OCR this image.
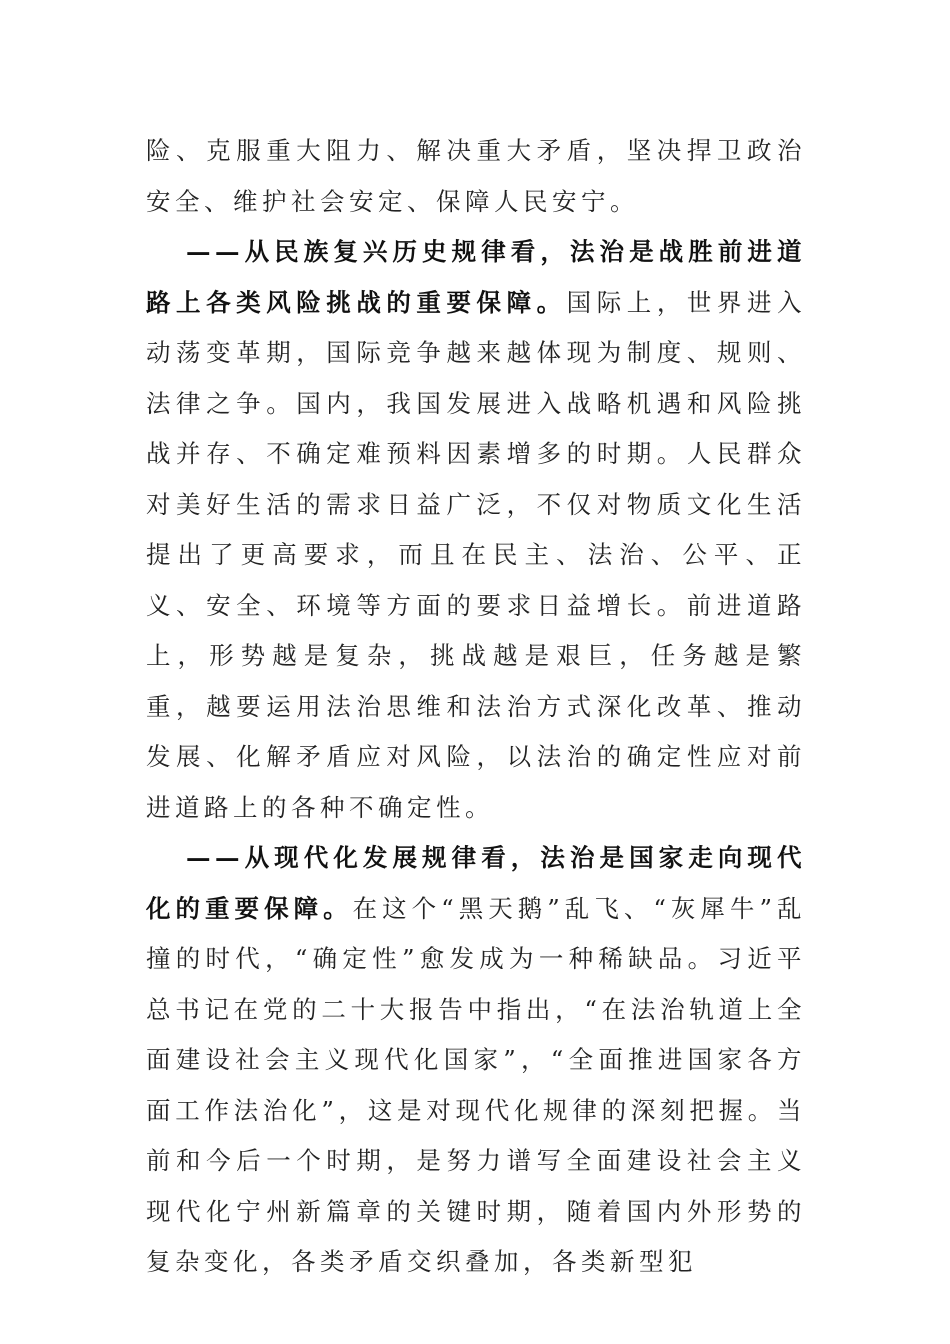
险、克服重大阻力、解决重大矛盾，坚决捍卫政治安全、维护社会安定、保障人民安宁。

——从民族复兴历史规律看，法治是战胜前进道路上各类风险挑战的重要保障。国际上，世界进入动荡变革期，国际竞争越来越体现为制度、规则、法律之争。国内，我国发展进入战略机遇和风险挑战并存、不确定难预料因素增多的时期。人民群众对美好生活的需求日益广泛，不仅对物质文化生活提出了更高要求，而且在民主、法治、公平、正义、安全、环境等方面的要求日益增长。前进道路上，形势越是复杂，挑战越是艰巨，任务越是繁重，越要运用法治思维和法治方式深化改革、推动发展、化解矛盾应对风险，以法治的确定性应对前进道路上的各种不确定性。

——从现代化发展规律看，法治是国家走向现代化的重要保障。在这个“黑天鹅”乱飞、“灰犀牛”乱撞的时代，“确定性”愈发成为一种稀缺品。习近平总书记在党的二十大报告中指出，“在法治轨道上全面建设社会主义现代化国家”，“全面推进国家各方面工作法治化”，这是对现代化规律的深刻把握。当前和今后一个时期，是努力谱写全面建设社会主义现代化宁州新篇章的关键时期，随着国内外形势的复杂变化，各类矛盾交织叠加，各类新型犯
